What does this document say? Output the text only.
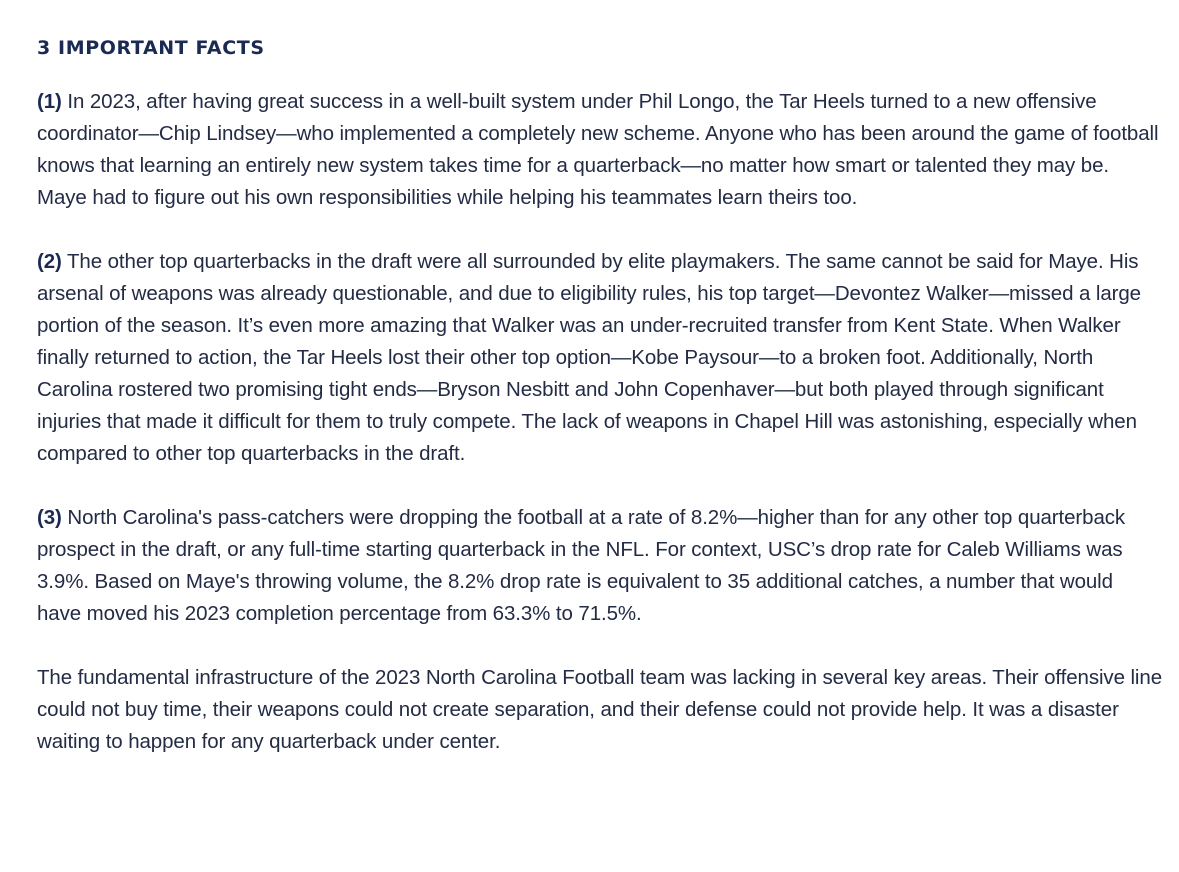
3 IMPORTANT FACTS

(1) In 2023, after having great success in a well-built system under Phil Longo, the Tar Heels turned to a new offensive coordinator—Chip Lindsey—who implemented a completely new scheme. Anyone who has been around the game of football knows that learning an entirely new system takes time for a quarterback—no matter how smart or talented they may be. Maye had to figure out his own responsibilities while helping his teammates learn theirs too.

(2) The other top quarterbacks in the draft were all surrounded by elite playmakers. The same cannot be said for Maye. His arsenal of weapons was already questionable, and due to eligibility rules, his top target—Devontez Walker—missed a large portion of the season. It’s even more amazing that Walker was an under-recruited transfer from Kent State. When Walker finally returned to action, the Tar Heels lost their other top option—Kobe Paysour—to a broken foot. Additionally, North Carolina rostered two promising tight ends—Bryson Nesbitt and John Copenhaver—but both played through significant injuries that made it difficult for them to truly compete. The lack of weapons in Chapel Hill was astonishing, especially when compared to other top quarterbacks in the draft.

(3) North Carolina's pass-catchers were dropping the football at a rate of 8.2%—higher than for any other top quarterback prospect in the draft, or any full-time starting quarterback in the NFL. For context, USC’s drop rate for Caleb Williams was 3.9%. Based on Maye's throwing volume, the 8.2% drop rate is equivalent to 35 additional catches, a number that would have moved his 2023 completion percentage from 63.3% to 71.5%.

The fundamental infrastructure of the 2023 North Carolina Football team was lacking in several key areas. Their offensive line could not buy time, their weapons could not create separation, and their defense could not provide help. It was a disaster waiting to happen for any quarterback under center.
